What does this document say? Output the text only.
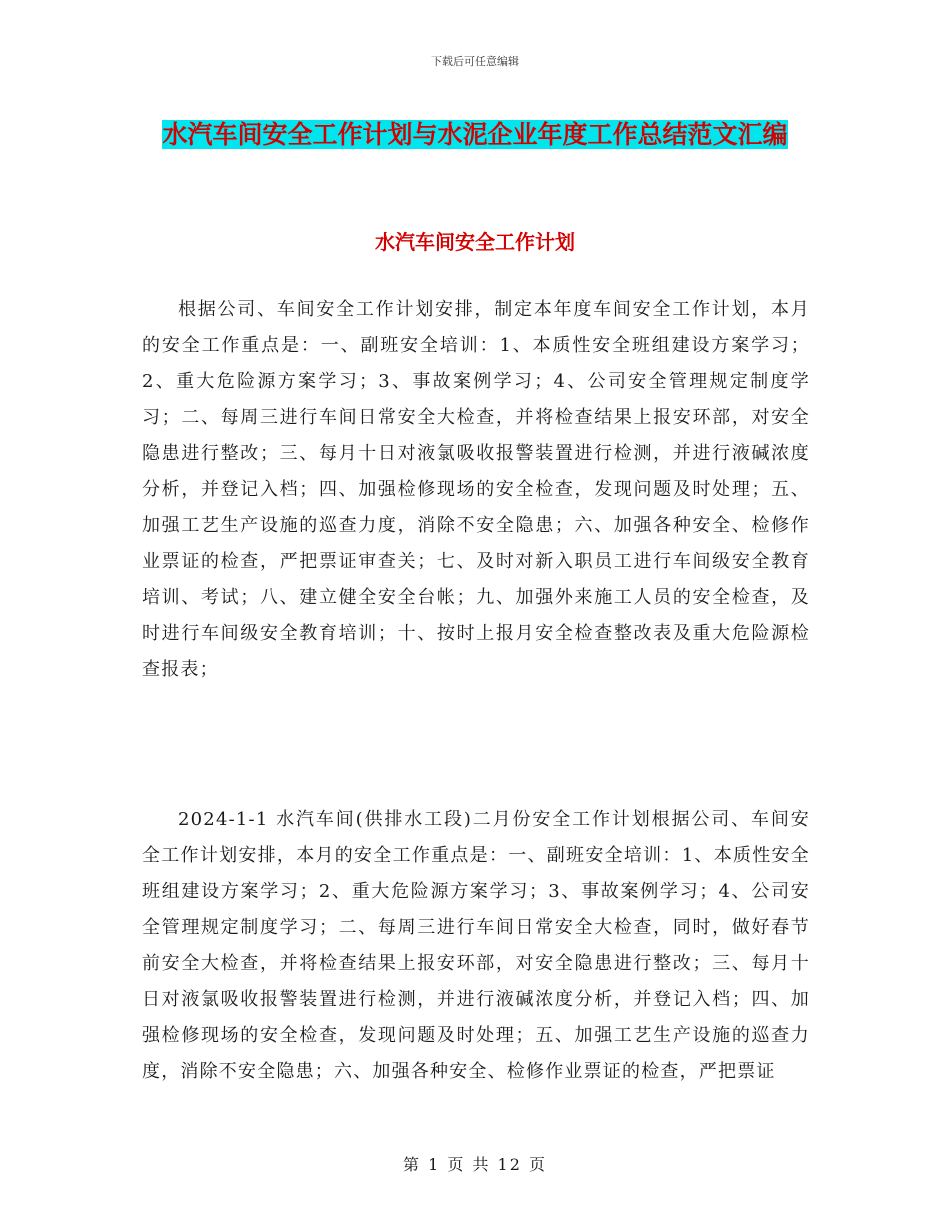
下载后可任意编辑
水汽车间安全工作计划与水泥企业年度工作总结范文汇编
水汽车间安全工作计划

根据公司、车间安全工作计划安排，制定本年度车间安全工作计划，本月的安全工作重点是：一、副班安全培训：1、本质性安全班组建设方案学习；2、重大危险源方案学习；3、事故案例学习；4、公司安全管理规定制度学习；二、每周三进行车间日常安全大检查，并将检查结果上报安环部，对安全隐患进行整改；三、每月十日对液氯吸收报警装置进行检测，并进行液碱浓度分析，并登记入档；四、加强检修现场的安全检查，发现问题及时处理；五、加强工艺生产设施的巡查力度，消除不安全隐患；六、加强各种安全、检修作业票证的检查，严把票证审查关；七、及时对新入职员工进行车间级安全教育培训、考试；八、建立健全安全台帐；九、加强外来施工人员的安全检查，及时进行车间级安全教育培训；十、按时上报月安全检查整改表及重大危险源检查报表；

2024-1-1 水汽车间(供排水工段)二月份安全工作计划根据公司、车间安全工作计划安排，本月的安全工作重点是：一、副班安全培训：1、本质性安全班组建设方案学习；2、重大危险源方案学习；3、事故案例学习；4、公司安全管理规定制度学习；二、每周三进行车间日常安全大检查，同时，做好春节前安全大检查，并将检查结果上报安环部，对安全隐患进行整改；三、每月十日对液氯吸收报警装置进行检测，并进行液碱浓度分析，并登记入档；四、加强检修现场的安全检查，发现问题及时处理；五、加强工艺生产设施的巡查力度，消除不安全隐患；六、加强各种安全、检修作业票证的检查，严把票证

第 1 页 共 12 页
